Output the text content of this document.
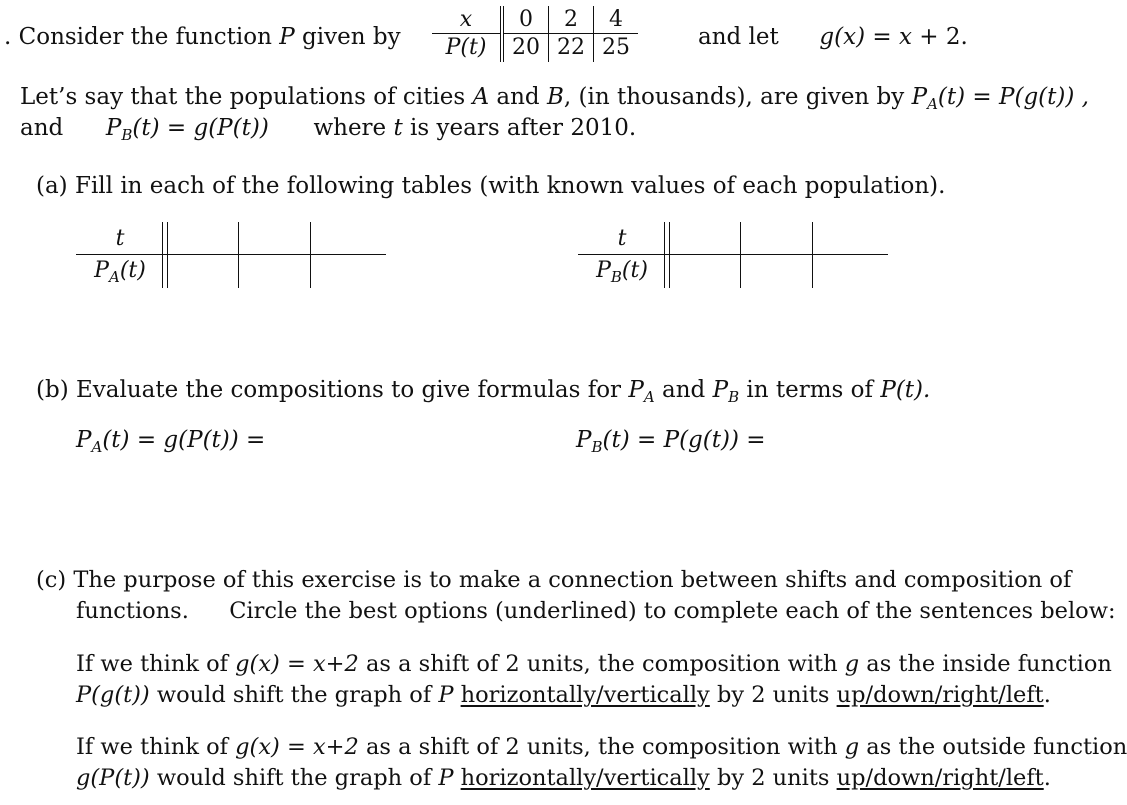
. Consider the function P given by
x	0	2	4
P(t)	20	22	25	and let g(x) = x + 2.
Let’s say that the populations of cities A and B, (in thousands), are given by $P_A(t) = P(g(t))$ ,
and $P_B(t) = g(P(t))$ where t is years after 2010.
(a) Fill in each of the following tables (with known values of each population).
t
$P_A(t)$
t
$P_B(t)$
(b) Evaluate the compositions to give formulas for $P_A$ and $P_B$ in terms of P(t).
$P_A(t) = g(P(t))$ =	$P_B(t) = P(g(t))$ =
(c) The purpose of this exercise is to make a connection between shifts and composition of
functions. Circle the best options (underlined) to complete each of the sentences below:
If we think of g(x) = x+2 as a shift of 2 units, the composition with g as the inside function
P(g(t)) would shift the graph of P horizontally/vertically by 2 units up/down/right/left.
If we think of g(x) = x+2 as a shift of 2 units, the composition with g as the outside function
g(P(t)) would shift the graph of P horizontally/vertically by 2 units up/down/right/left.
